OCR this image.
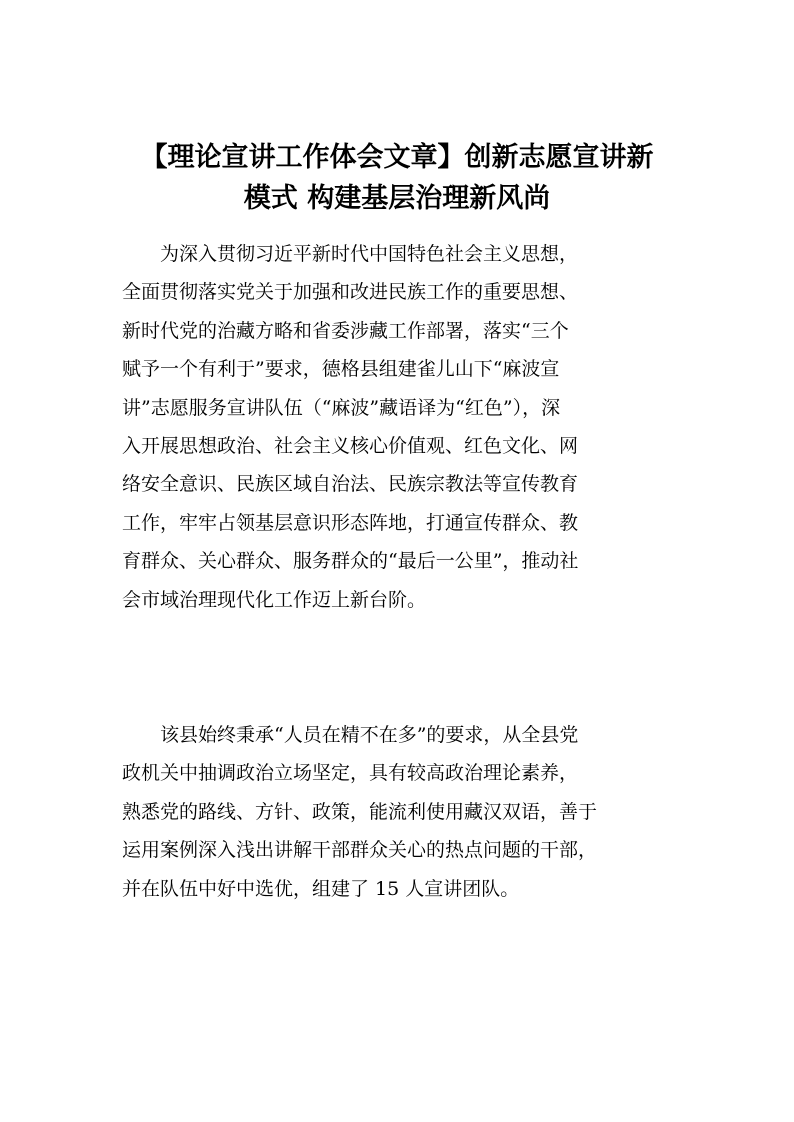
【理论宣讲工作体会文章】创新志愿宣讲新
模式 构建基层治理新风尚

　　为深入贯彻习近平新时代中国特色社会主义思想，
全面贯彻落实党关于加强和改进民族工作的重要思想、
新时代党的治藏方略和省委涉藏工作部署，落实“三个
赋予一个有利于”要求，德格县组建雀儿山下“麻波宣
讲”志愿服务宣讲队伍（“麻波”藏语译为“红色”），深
入开展思想政治、社会主义核心价值观、红色文化、网
络安全意识、民族区域自治法、民族宗教法等宣传教育
工作，牢牢占领基层意识形态阵地，打通宣传群众、教
育群众、关心群众、服务群众的“最后一公里”，推动社
会市域治理现代化工作迈上新台阶。

　　该县始终秉承“人员在精不在多”的要求，从全县党
政机关中抽调政治立场坚定，具有较高政治理论素养，
熟悉党的路线、方针、政策，能流利使用藏汉双语，善于
运用案例深入浅出讲解干部群众关心的热点问题的干部，
并在队伍中好中选优，组建了 15 人宣讲团队。
